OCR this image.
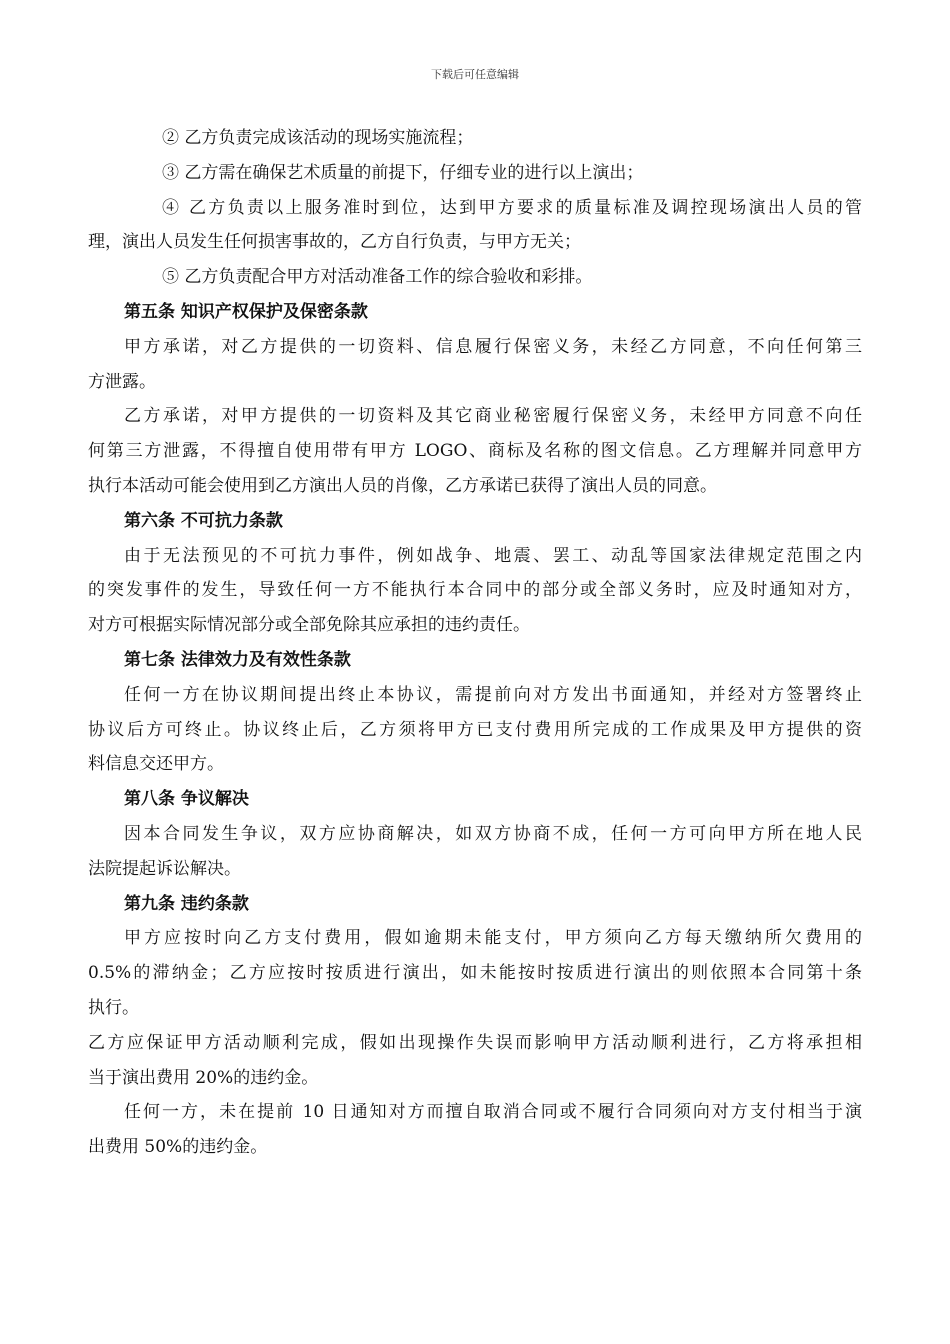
下载后可任意编辑
② 乙方负责完成该活动的现场实施流程；
③ 乙方需在确保艺术质量的前提下，仔细专业的进行以上演出；
④ 乙方负责以上服务准时到位，达到甲方要求的质量标准及调控现场演出人员的管
理，演出人员发生任何损害事故的，乙方自行负责，与甲方无关；
⑤ 乙方负责配合甲方对活动准备工作的综合验收和彩排。
第五条 知识产权保护及保密条款
甲方承诺，对乙方提供的一切资料、信息履行保密义务，未经乙方同意，不向任何第三
方泄露。
乙方承诺，对甲方提供的一切资料及其它商业秘密履行保密义务，未经甲方同意不向任
何第三方泄露，不得擅自使用带有甲方 LOGO、商标及名称的图文信息。乙方理解并同意甲方
执行本活动可能会使用到乙方演出人员的肖像，乙方承诺已获得了演出人员的同意。
第六条 不可抗力条款
由于无法预见的不可抗力事件，例如战争、地震、罢工、动乱等国家法律规定范围之内
的突发事件的发生，导致任何一方不能执行本合同中的部分或全部义务时，应及时通知对方，
对方可根据实际情况部分或全部免除其应承担的违约责任。
第七条 法律效力及有效性条款
任何一方在协议期间提出终止本协议，需提前向对方发出书面通知，并经对方签署终止
协议后方可终止。协议终止后，乙方须将甲方已支付费用所完成的工作成果及甲方提供的资
料信息交还甲方。
第八条 争议解决
因本合同发生争议，双方应协商解决，如双方协商不成，任何一方可向甲方所在地人民
法院提起诉讼解决。
第九条 违约条款
甲方应按时向乙方支付费用，假如逾期未能支付，甲方须向乙方每天缴纳所欠费用的
0.5%的滞纳金；乙方应按时按质进行演出，如未能按时按质进行演出的则依照本合同第十条
执行。
乙方应保证甲方活动顺利完成，假如出现操作失误而影响甲方活动顺利进行，乙方将承担相
当于演出费用 20%的违约金。
任何一方，未在提前 10 日通知对方而擅自取消合同或不履行合同须向对方支付相当于演
出费用 50%的违约金。
